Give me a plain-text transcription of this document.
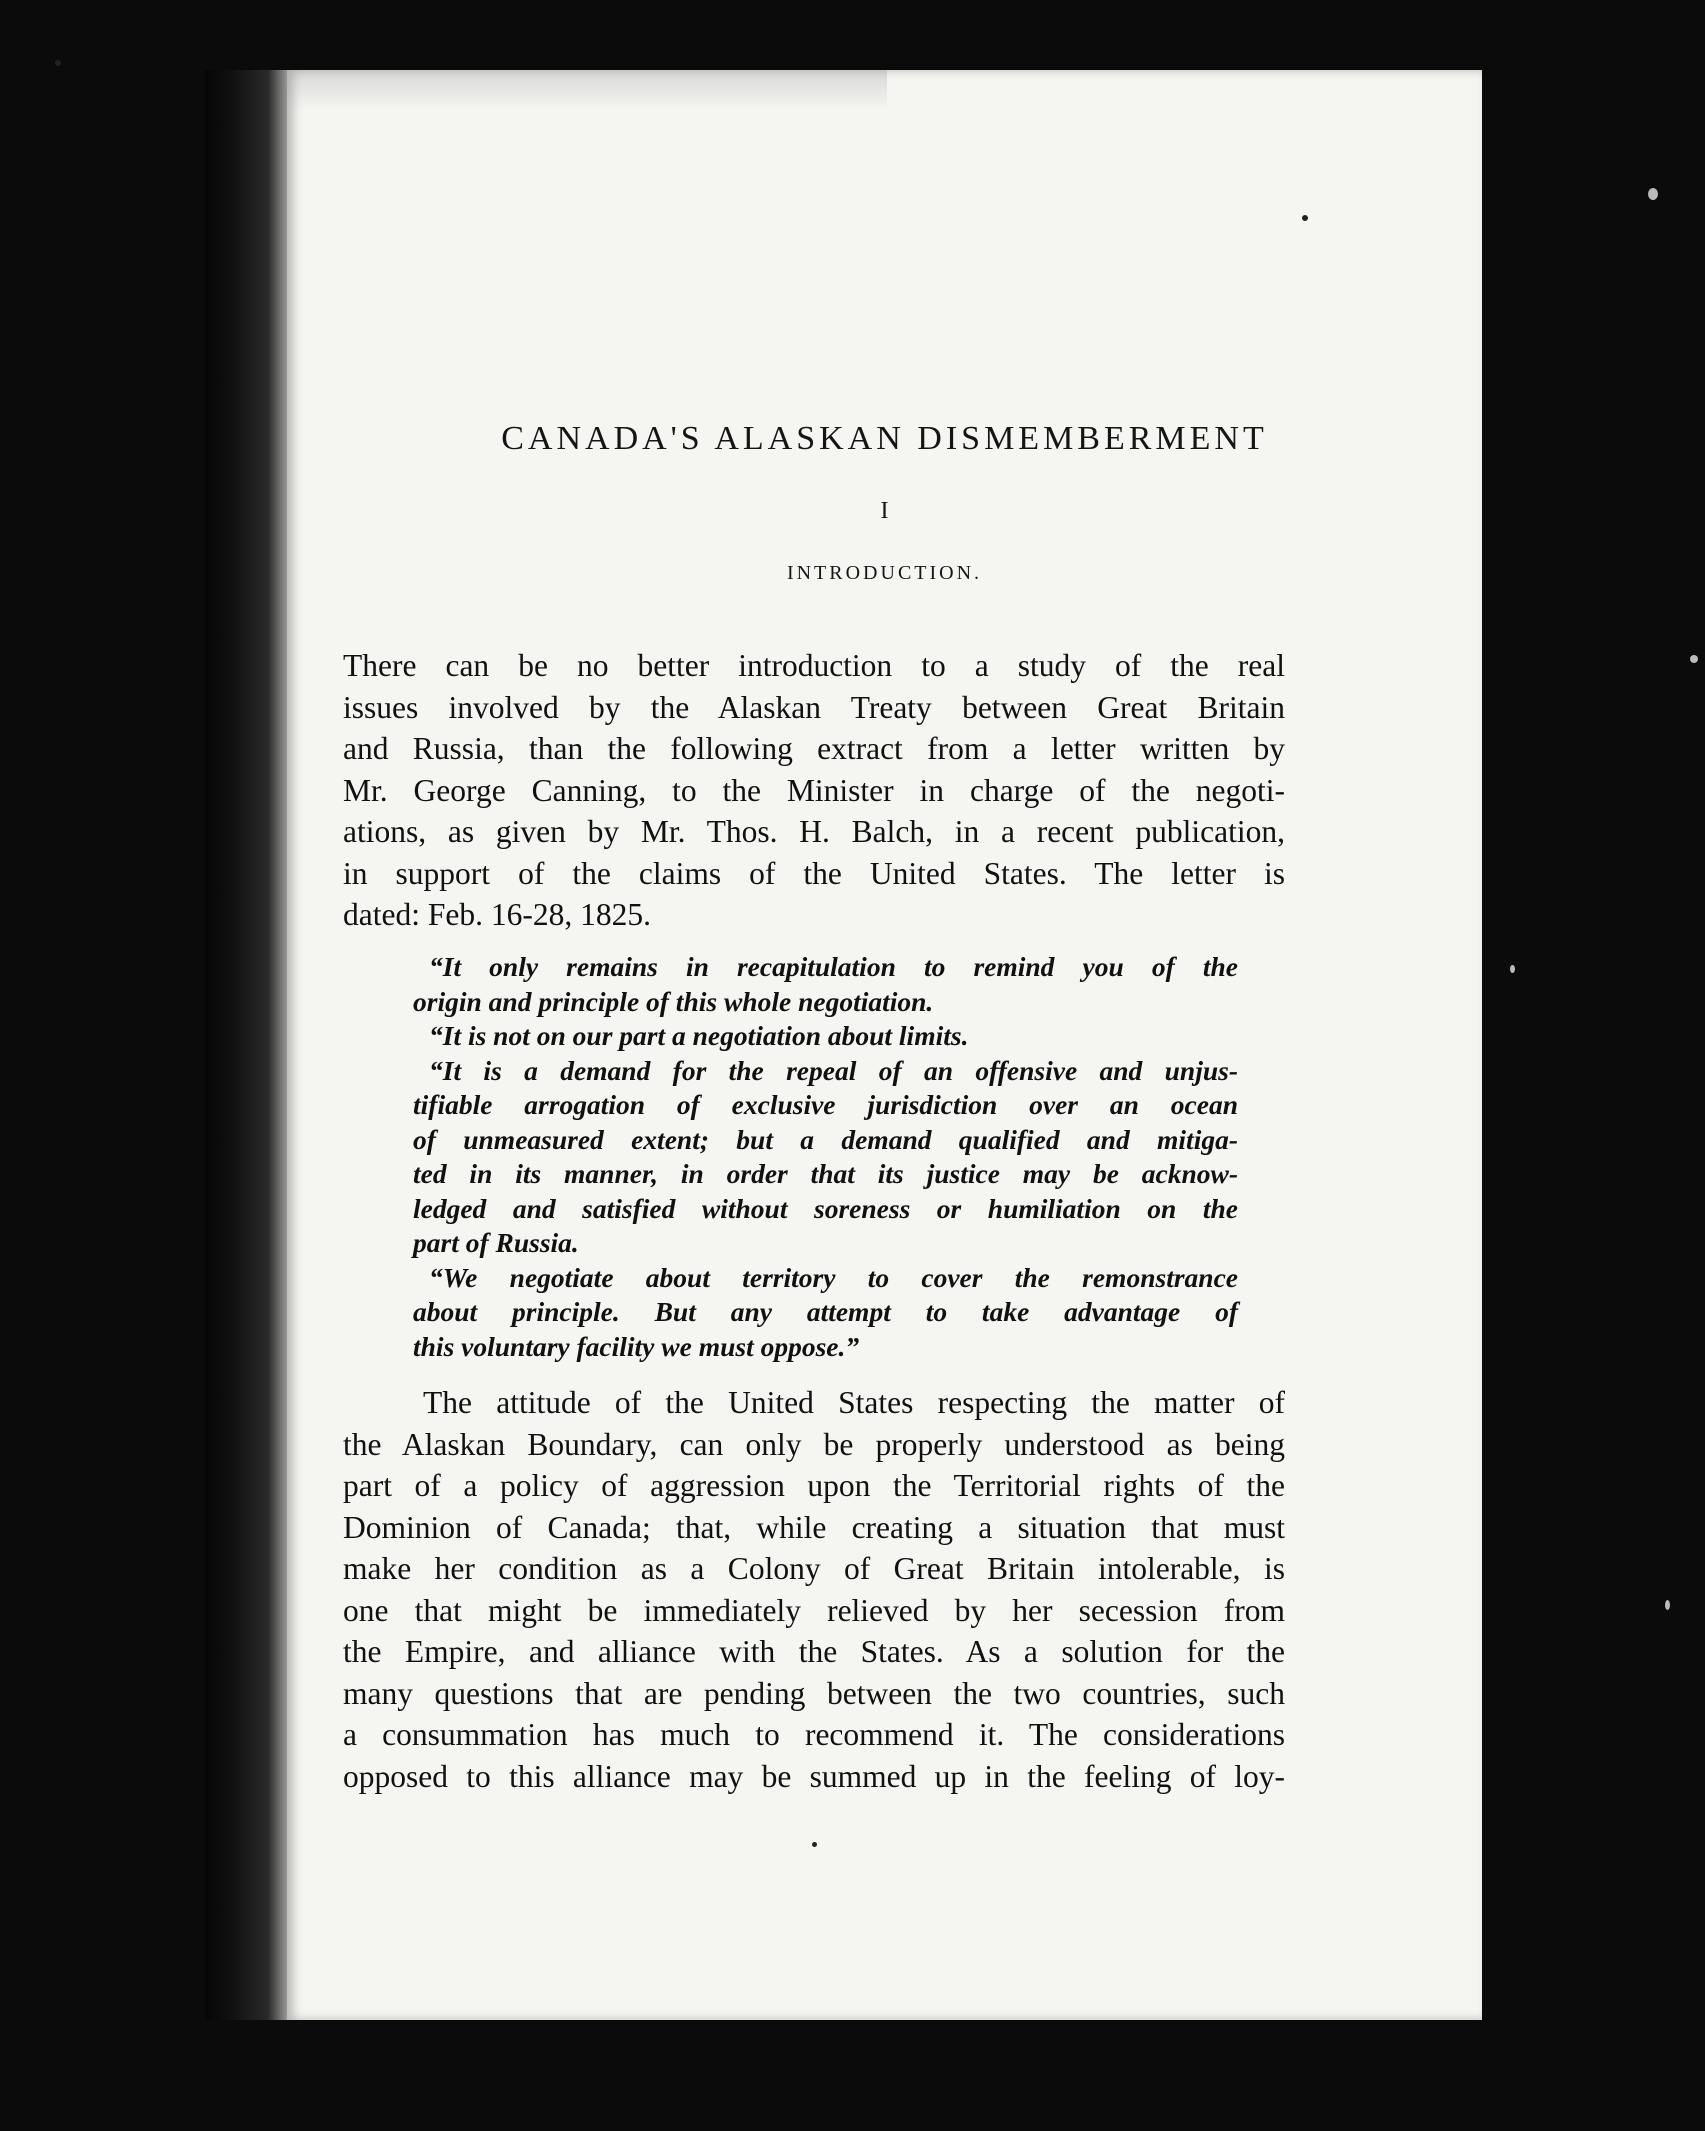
CANADA'S ALASKAN DISMEMBERMENT
I
INTRODUCTION.

There can be no better introduction to a study of the real
issues involved by the Alaskan Treaty between Great Britain
and Russia, than the following extract from a letter written by
Mr. George Canning, to the Minister in charge of the negoti-
ations, as given by Mr. Thos. H. Balch, in a recent publication,
in support of the claims of the United States. The letter is
dated: Feb. 16-28, 1825.

“It only remains in recapitulation to remind you of the
origin and principle of this whole negotiation.
“It is not on our part a negotiation about limits.
“It is a demand for the repeal of an offensive and unjus-
tifiable arrogation of exclusive jurisdiction over an ocean
of unmeasured extent; but a demand qualified and mitiga-
ted in its manner, in order that its justice may be acknow-
ledged and satisfied without soreness or humiliation on the
part of Russia.
“We negotiate about territory to cover the remonstrance
about principle. But any attempt to take advantage of
this voluntary facility we must oppose.”

The attitude of the United States respecting the matter of
the Alaskan Boundary, can only be properly understood as being
part of a policy of aggression upon the Territorial rights of the
Dominion of Canada; that, while creating a situation that must
make her condition as a Colony of Great Britain intolerable, is
one that might be immediately relieved by her secession from
the Empire, and alliance with the States. As a solution for the
many questions that are pending between the two countries, such
a consummation has much to recommend it. The considerations
opposed to this alliance may be summed up in the feeling of loy-
